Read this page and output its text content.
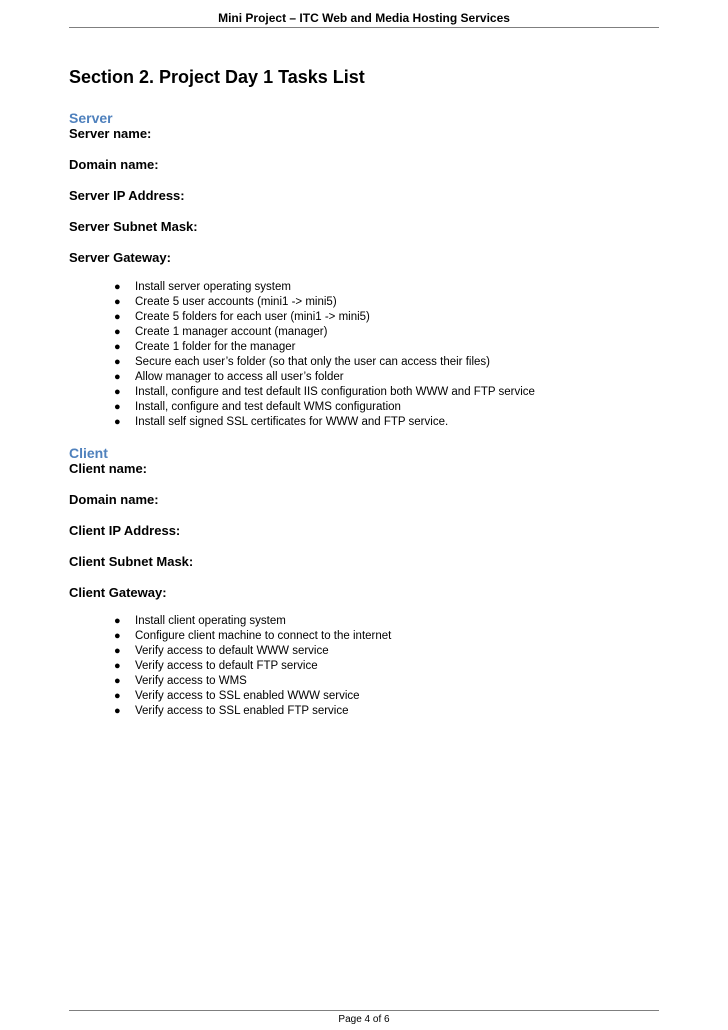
Mini Project – ITC Web and Media Hosting Services
Section 2. Project Day 1 Tasks List
Server
Server name:
Domain name:
Server IP Address:
Server Subnet Mask:
Server Gateway:
● Install server operating system
● Create 5 user accounts (mini1 -> mini5)
● Create 5 folders for each user (mini1 -> mini5)
● Create 1 manager account (manager)
● Create 1 folder for the manager
● Secure each user’s folder (so that only the user can access their files)
● Allow manager to access all user’s folder
● Install, configure and test default IIS configuration both WWW and FTP service
● Install, configure and test default WMS configuration
● Install self signed SSL certificates for WWW and FTP service.
Client
Client name:
Domain name:
Client IP Address:
Client Subnet Mask:
Client Gateway:
● Install client operating system
● Configure client machine to connect to the internet
● Verify access to default WWW service
● Verify access to default FTP service
● Verify access to WMS
● Verify access to SSL enabled WWW service
● Verify access to SSL enabled FTP service
Page 4 of 6
